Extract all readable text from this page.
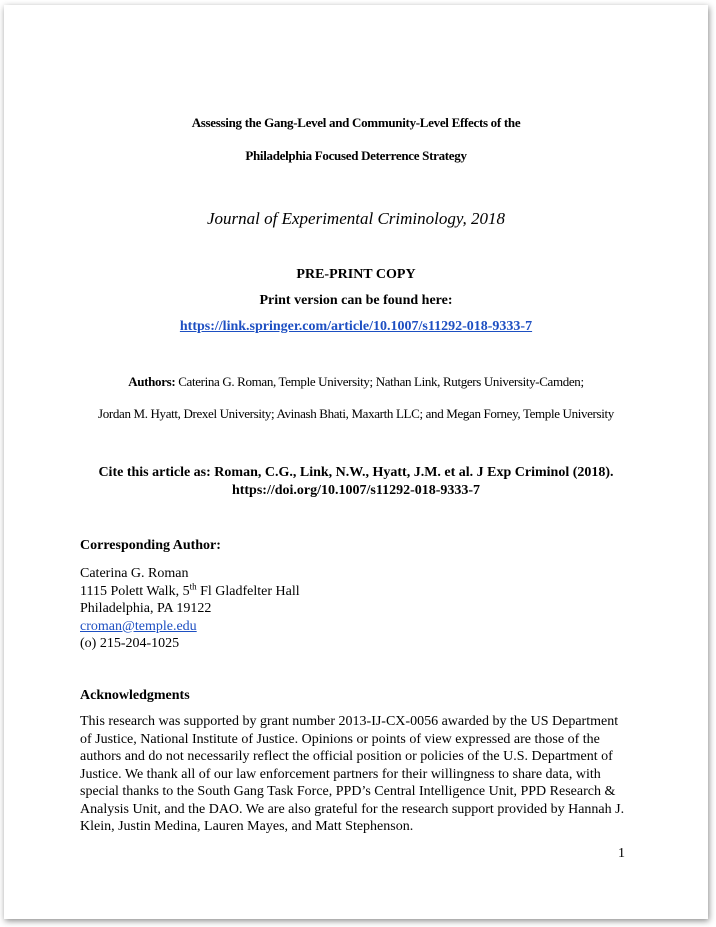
Assessing the Gang-Level and Community-Level Effects of the
Philadelphia Focused Deterrence Strategy
Journal of Experimental Criminology, 2018
PRE-PRINT COPY
Print version can be found here:
https://link.springer.com/article/10.1007/s11292-018-9333-7
Authors: Caterina G. Roman, Temple University; Nathan Link, Rutgers University-Camden;
Jordan M. Hyatt, Drexel University; Avinash Bhati, Maxarth LLC; and Megan Forney, Temple University
Cite this article as: Roman, C.G., Link, N.W., Hyatt, J.M. et al. J Exp Criminol (2018).
https://doi.org/10.1007/s11292-018-9333-7
Corresponding Author:
Caterina G. Roman
1115 Polett Walk, 5th Fl Gladfelter Hall
Philadelphia, PA 19122
croman@temple.edu
(o) 215-204-1025
Acknowledgments
This research was supported by grant number 2013-IJ-CX-0056 awarded by the US Department
of Justice, National Institute of Justice. Opinions or points of view expressed are those of the
authors and do not necessarily reflect the official position or policies of the U.S. Department of
Justice. We thank all of our law enforcement partners for their willingness to share data, with
special thanks to the South Gang Task Force, PPD’s Central Intelligence Unit, PPD Research &
Analysis Unit, and the DAO. We are also grateful for the research support provided by Hannah J.
Klein, Justin Medina, Lauren Mayes, and Matt Stephenson.
1
